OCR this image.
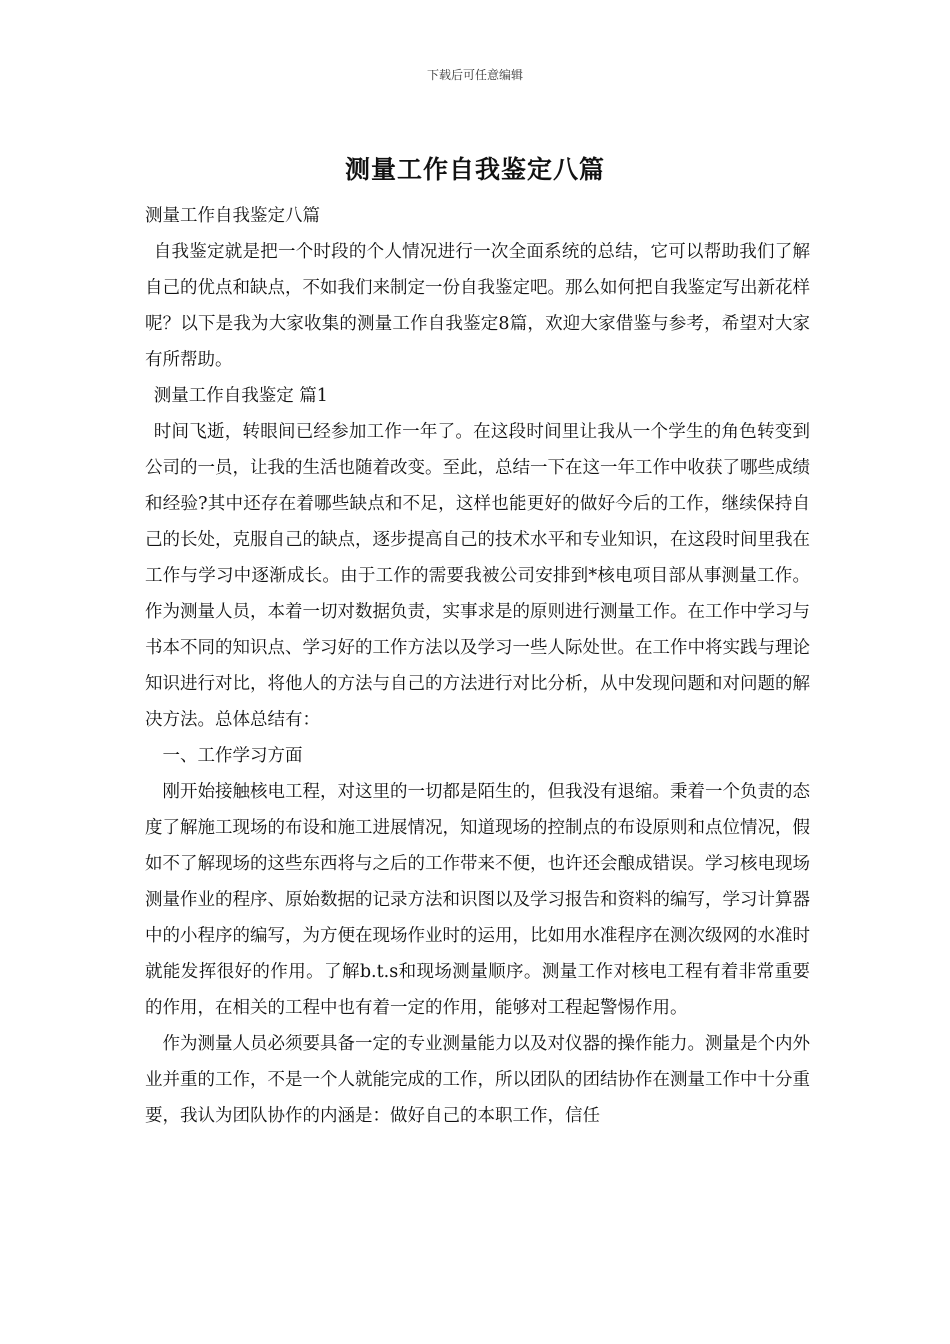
下载后可任意编辑
测量工作自我鉴定八篇

测量工作自我鉴定八篇

自我鉴定就是把一个时段的个人情况进行一次全面系统的总结，它可以帮助我们了解自己的优点和缺点，不如我们来制定一份自我鉴定吧。那么如何把自我鉴定写出新花样呢？以下是我为大家收集的测量工作自我鉴定8篇，欢迎大家借鉴与参考，希望对大家有所帮助。

测量工作自我鉴定 篇1

时间飞逝，转眼间已经参加工作一年了。在这段时间里让我从一个学生的角色转变到公司的一员，让我的生活也随着改变。至此，总结一下在这一年工作中收获了哪些成绩和经验?其中还存在着哪些缺点和不足，这样也能更好的做好今后的工作，继续保持自己的长处，克服自己的缺点，逐步提高自己的技术水平和专业知识，在这段时间里我在工作与学习中逐渐成长。由于工作的需要我被公司安排到*核电项目部从事测量工作。作为测量人员，本着一切对数据负责，实事求是的原则进行测量工作。在工作中学习与书本不同的知识点、学习好的工作方法以及学习一些人际处世。在工作中将实践与理论知识进行对比，将他人的方法与自己的方法进行对比分析，从中发现问题和对问题的解决方法。总体总结有：

一、工作学习方面

刚开始接触核电工程，对这里的一切都是陌生的，但我没有退缩。秉着一个负责的态度了解施工现场的布设和施工进展情况，知道现场的控制点的布设原则和点位情况，假如不了解现场的这些东西将与之后的工作带来不便，也许还会酿成错误。学习核电现场测量作业的程序、原始数据的记录方法和识图以及学习报告和资料的编写，学习计算器中的小程序的编写，为方便在现场作业时的运用，比如用水准程序在测次级网的水准时就能发挥很好的作用。了解b.t.s和现场测量顺序。测量工作对核电工程有着非常重要的作用，在相关的工程中也有着一定的作用，能够对工程起警惕作用。

作为测量人员必须要具备一定的专业测量能力以及对仪器的操作能力。测量是个内外业并重的工作，不是一个人就能完成的工作，所以团队的团结协作在测量工作中十分重要，我认为团队协作的内涵是：做好自己的本职工作，信任
